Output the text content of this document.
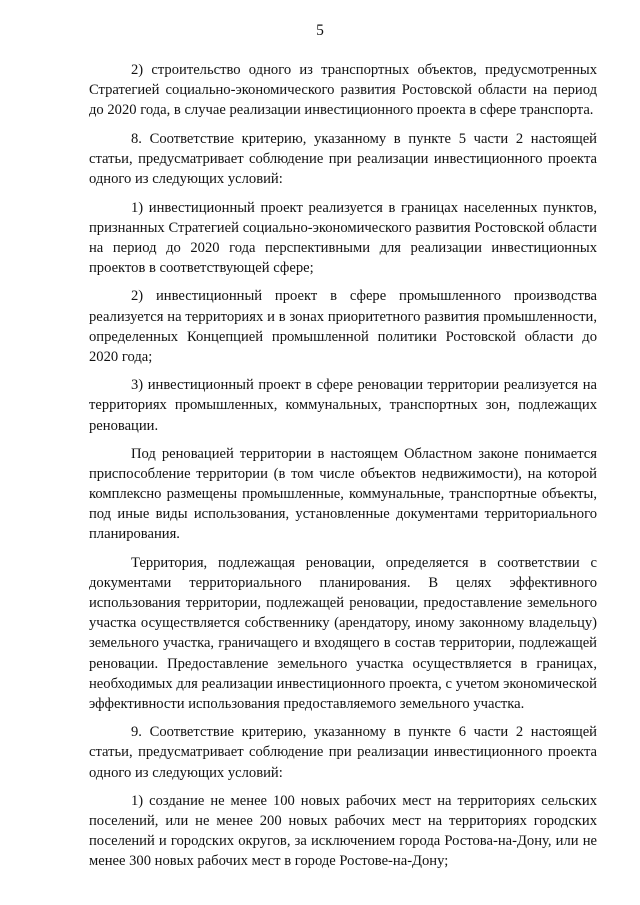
5

2) строительство одного из транспортных объектов, предусмотренных Стратегией социально-экономического развития Ростовской области на период до 2020 года, в случае реализации инвестиционного проекта в сфере транспорта.

8. Соответствие критерию, указанному в пункте 5 части 2 настоящей статьи, предусматривает соблюдение при реализации инвестиционного проекта одного из следующих условий:

1) инвестиционный проект реализуется в границах населенных пунктов, признанных Стратегией социально-экономического развития Ростовской области на период до 2020 года перспективными для реализации инвестиционных проектов в соответствующей сфере;

2) инвестиционный проект в сфере промышленного производства реализуется на территориях и в зонах приоритетного развития промышленности, определенных Концепцией промышленной политики Ростовской области до 2020 года;

3) инвестиционный проект в сфере реновации территории реализуется на территориях промышленных, коммунальных, транспортных зон, подлежащих реновации.

Под реновацией территории в настоящем Областном законе понимается приспособление территории (в том числе объектов недвижимости), на которой комплексно размещены промышленные, коммунальные, транспортные объекты, под иные виды использования, установленные документами территориального планирования.

Территория, подлежащая реновации, определяется в соответствии с документами территориального планирования. В целях эффективного использования территории, подлежащей реновации, предоставление земельного участка осуществляется собственнику (арендатору, иному законному владельцу) земельного участка, граничащего и входящего в состав территории, подлежащей реновации. Предоставление земельного участка осуществляется в границах, необходимых для реализации инвестиционного проекта, с учетом экономической эффективности использования предоставляемого земельного участка.

9. Соответствие критерию, указанному в пункте 6 части 2 настоящей статьи, предусматривает соблюдение при реализации инвестиционного проекта одного из следующих условий:

1) создание не менее 100 новых рабочих мест на территориях сельских поселений, или не менее 200 новых рабочих мест на территориях городских поселений и городских округов, за исключением города Ростова-на-Дону, или не менее 300 новых рабочих мест в городе Ростове-на-Дону;
